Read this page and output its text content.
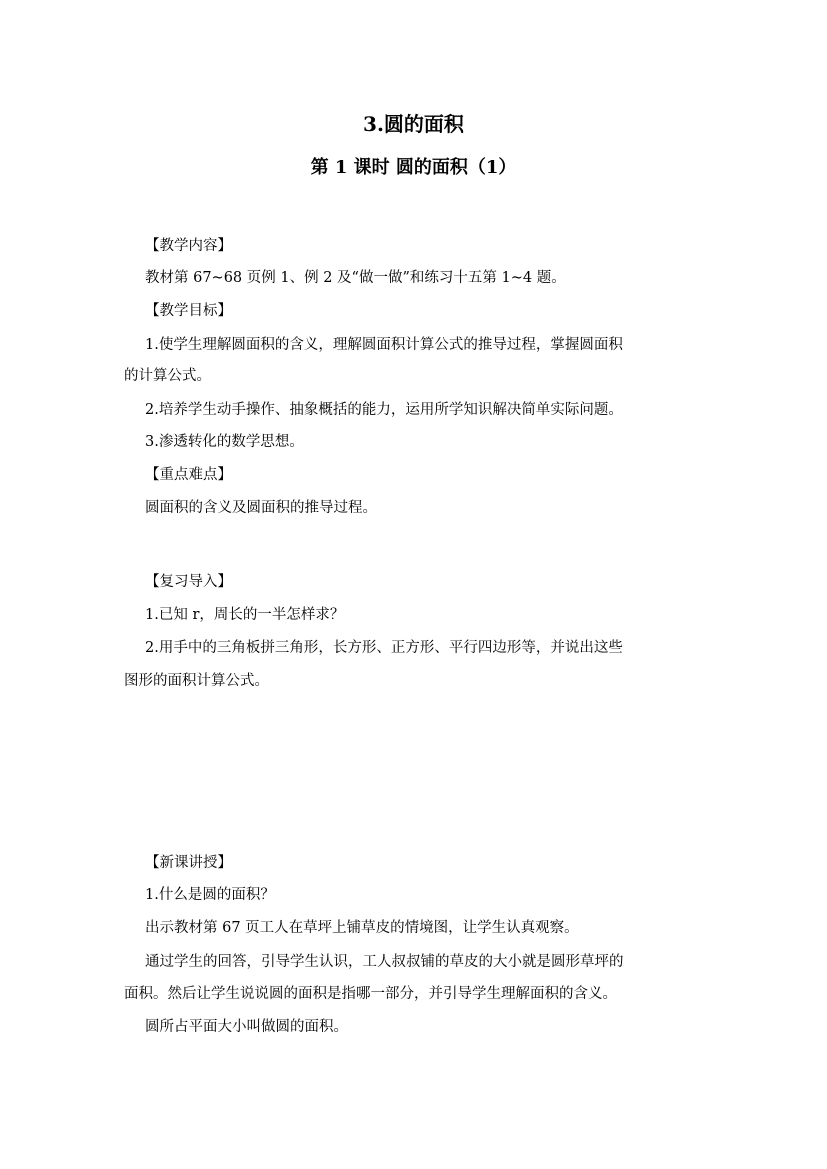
3.圆的面积
第 1 课时 圆的面积（1）
【教学内容】
教材第 67~68 页例 1、例 2 及“做一做”和练习十五第 1~4 题。
【教学目标】
1.使学生理解圆面积的含义，理解圆面积计算公式的推导过程，掌握圆面积
的计算公式。
2.培养学生动手操作、抽象概括的能力，运用所学知识解决简单实际问题。
3.渗透转化的数学思想。
【重点难点】
圆面积的含义及圆面积的推导过程。
【复习导入】
1.已知 r，周长的一半怎样求？
2.用手中的三角板拼三角形，长方形、正方形、平行四边形等，并说出这些
图形的面积计算公式。
【新课讲授】
1.什么是圆的面积？
出示教材第 67 页工人在草坪上铺草皮的情境图，让学生认真观察。
通过学生的回答，引导学生认识，工人叔叔铺的草皮的大小就是圆形草坪的
面积。然后让学生说说圆的面积是指哪一部分，并引导学生理解面积的含义。
圆所占平面大小叫做圆的面积。
